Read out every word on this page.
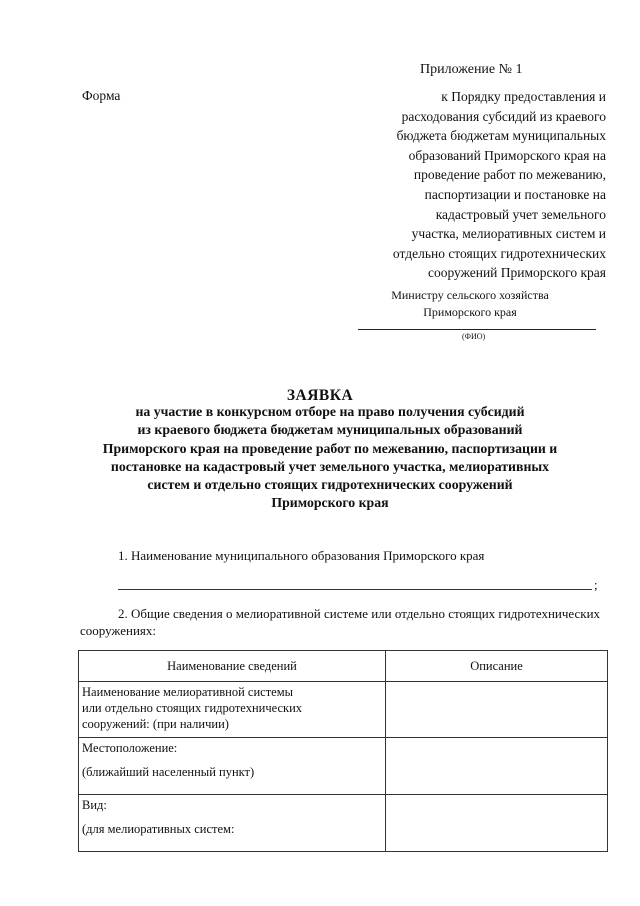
Приложение № 1
Форма	к Порядку предоставления и
расходования субсидий из краевого
бюджета бюджетам муниципальных
образований Приморского края на
проведение работ по межеванию,
паспортизации и постановке на
кадастровый учет земельного
участка, мелиоративных систем и
отдельно стоящих гидротехнических
сооружений Приморского края
Министру сельского хозяйства
Приморского края
(ФИО)
ЗАЯВКА
на участие в конкурсном отборе на право получения субсидий
из краевого бюджета бюджетам муниципальных образований
Приморского края на проведение работ по межеванию, паспортизации и
постановке на кадастровый учет земельного участка, мелиоративных
систем и отдельно стоящих гидротехнических сооружений
Приморского края
1. Наименование муниципального образования Приморского края
;
2. Общие сведения о мелиоративной системе или отдельно стоящих гидротехнических сооружениях:
Наименование сведений	Описание

Наименование мелиоративной системы
или отдельно стоящих гидротехнических
сооружений: (при наличии)	

Местоположение:
(ближайший населенный пункт)	

Вид:
(для мелиоративных систем:	
